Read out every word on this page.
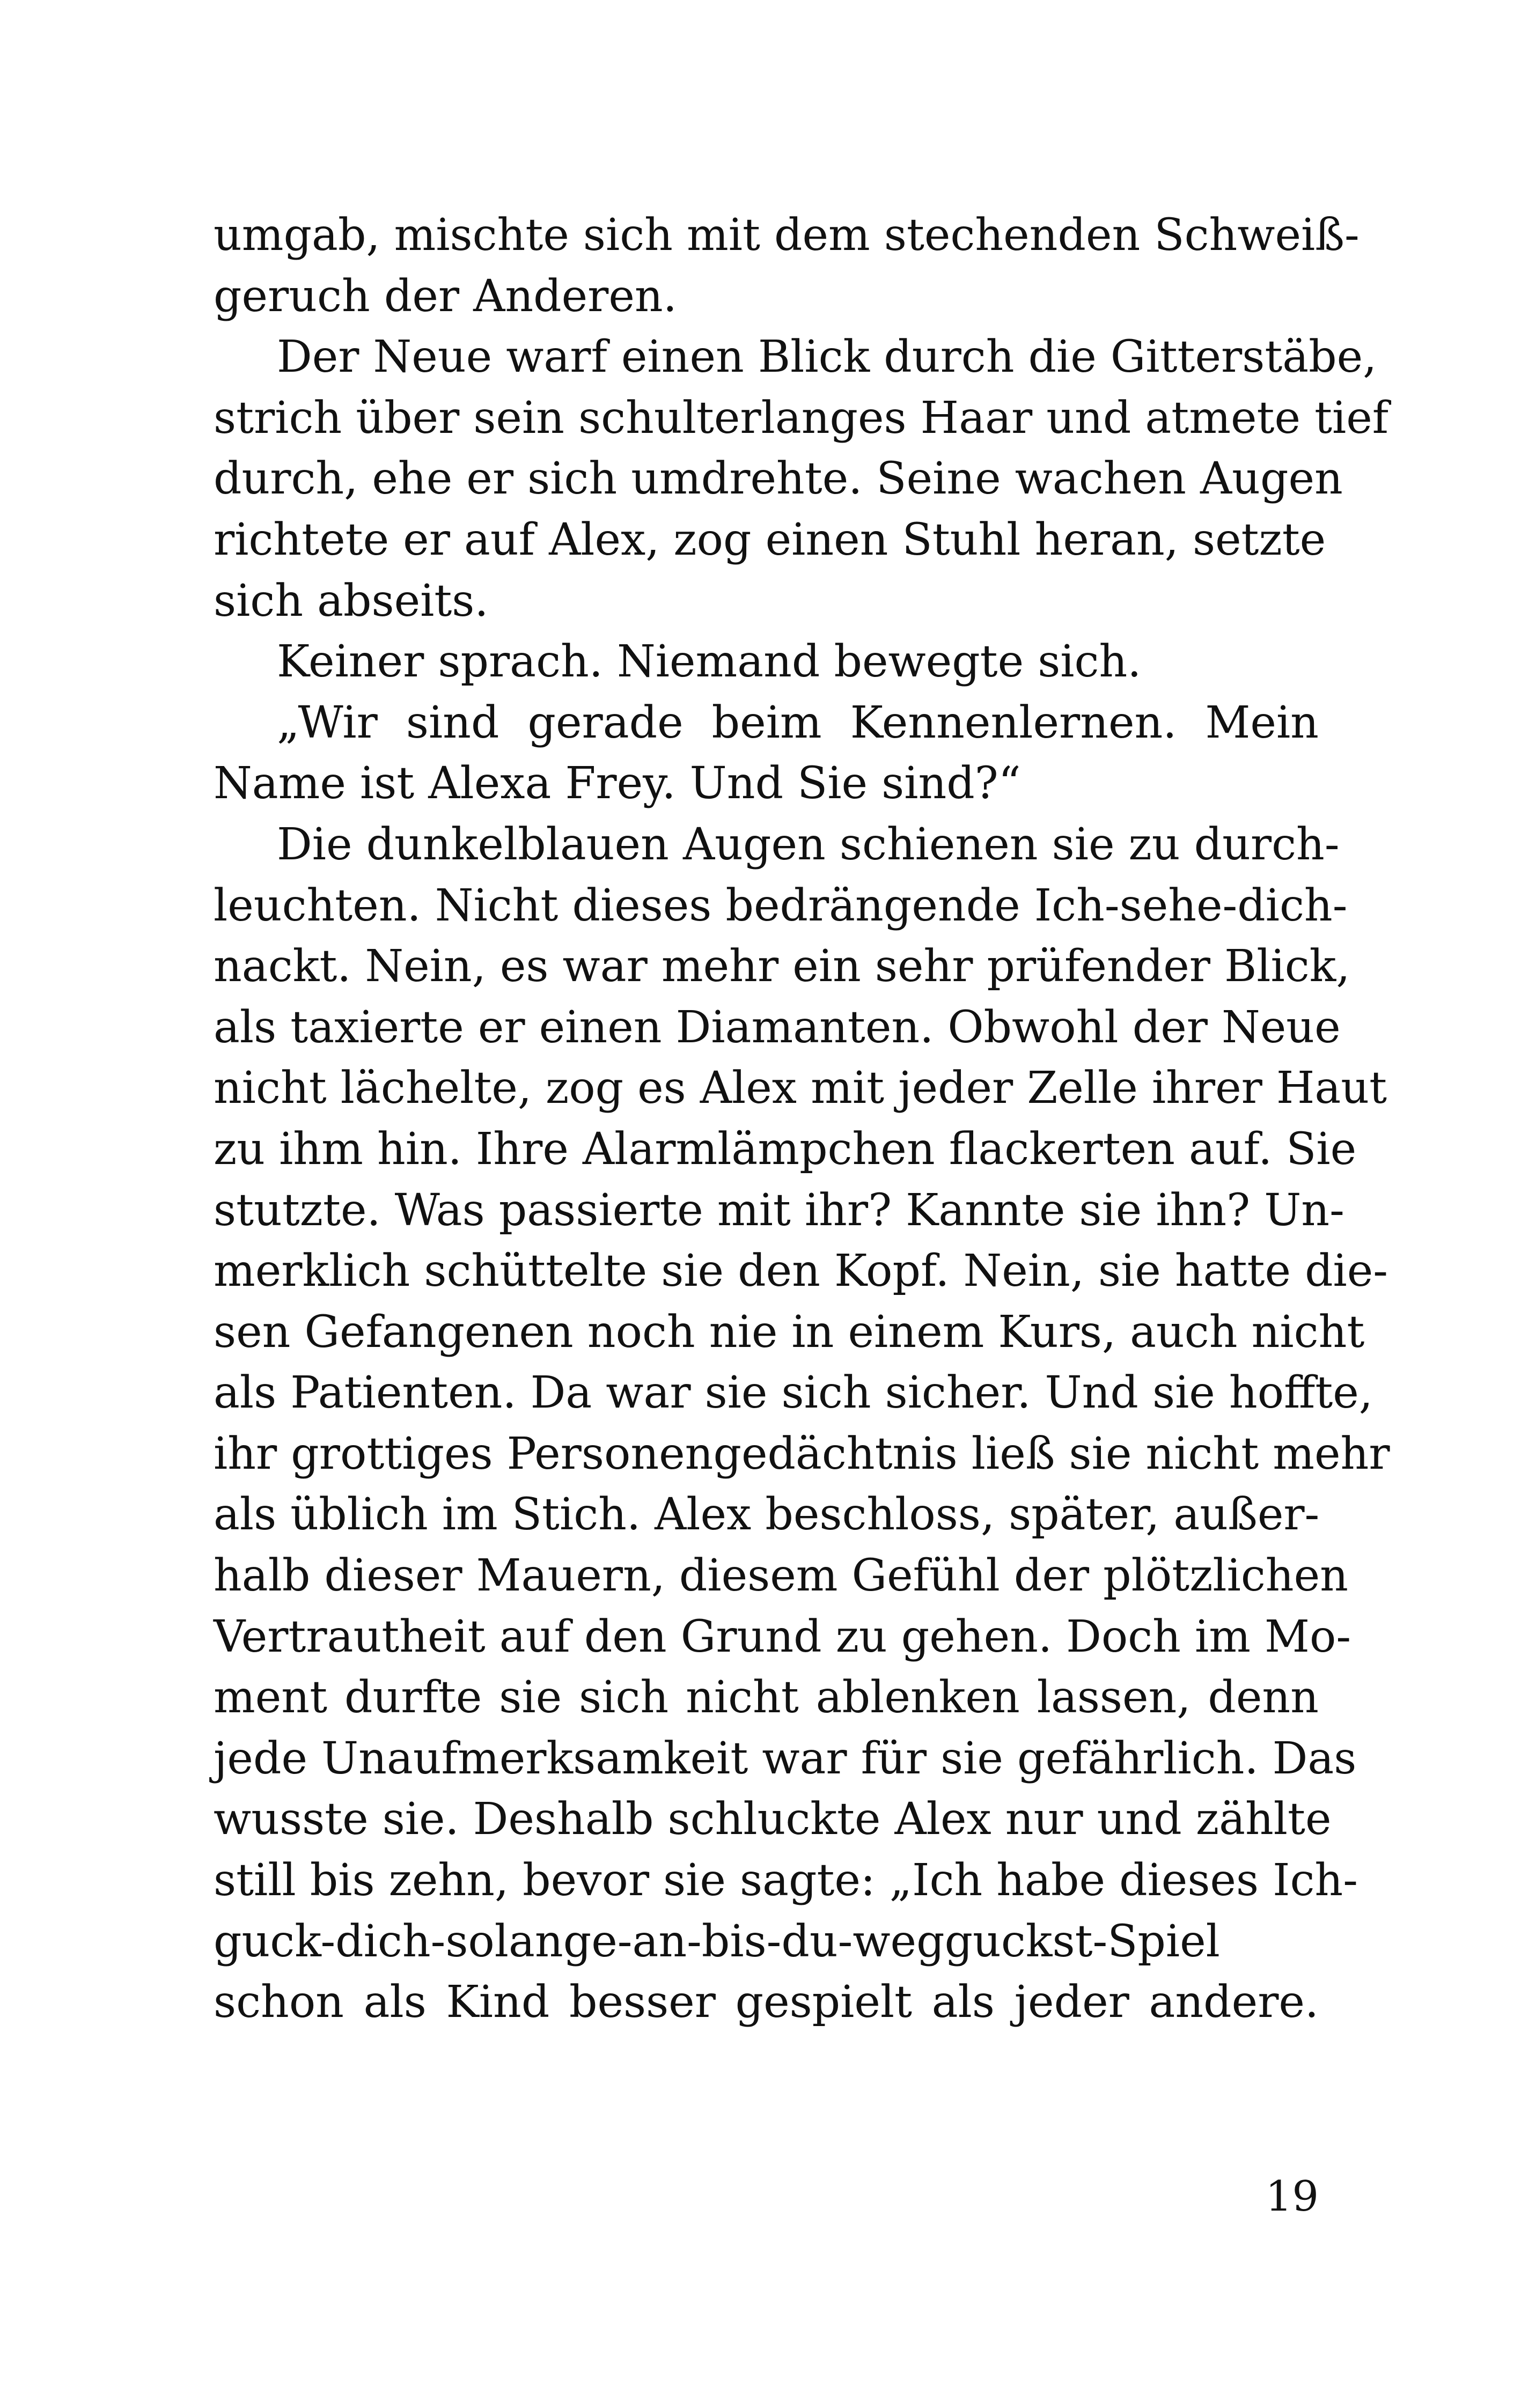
umgab, mischte sich mit dem stechenden Schweiß-
geruch der Anderen.
Der Neue warf einen Blick durch die Gitterstäbe,
strich über sein schulterlanges Haar und atmete tief
durch, ehe er sich umdrehte. Seine wachen Augen
richtete er auf Alex, zog einen Stuhl heran, setzte
sich abseits.
Keiner sprach. Niemand bewegte sich.
„Wir sind gerade beim Kennenlernen. Mein
Name ist Alexa Frey. Und Sie sind?“
Die dunkelblauen Augen schienen sie zu durch-
leuchten. Nicht dieses bedrängende Ich-sehe-dich-
nackt. Nein, es war mehr ein sehr prüfender Blick,
als taxierte er einen Diamanten. Obwohl der Neue
nicht lächelte, zog es Alex mit jeder Zelle ihrer Haut
zu ihm hin. Ihre Alarmlämpchen flackerten auf. Sie
stutzte. Was passierte mit ihr? Kannte sie ihn? Un-
merklich schüttelte sie den Kopf. Nein, sie hatte die-
sen Gefangenen noch nie in einem Kurs, auch nicht
als Patienten. Da war sie sich sicher. Und sie hoffte,
ihr grottiges Personengedächtnis ließ sie nicht mehr
als üblich im Stich. Alex beschloss, später, außer-
halb dieser Mauern, diesem Gefühl der plötzlichen
Vertrautheit auf den Grund zu gehen. Doch im Mo-
ment durfte sie sich nicht ablenken lassen, denn
jede Unaufmerksamkeit war für sie gefährlich. Das
wusste sie. Deshalb schluckte Alex nur und zählte
still bis zehn, bevor sie sagte: „Ich habe dieses Ich-
guck-dich-solange-an-bis-du-wegguckst-Spiel
schon als Kind besser gespielt als jeder andere.
19
